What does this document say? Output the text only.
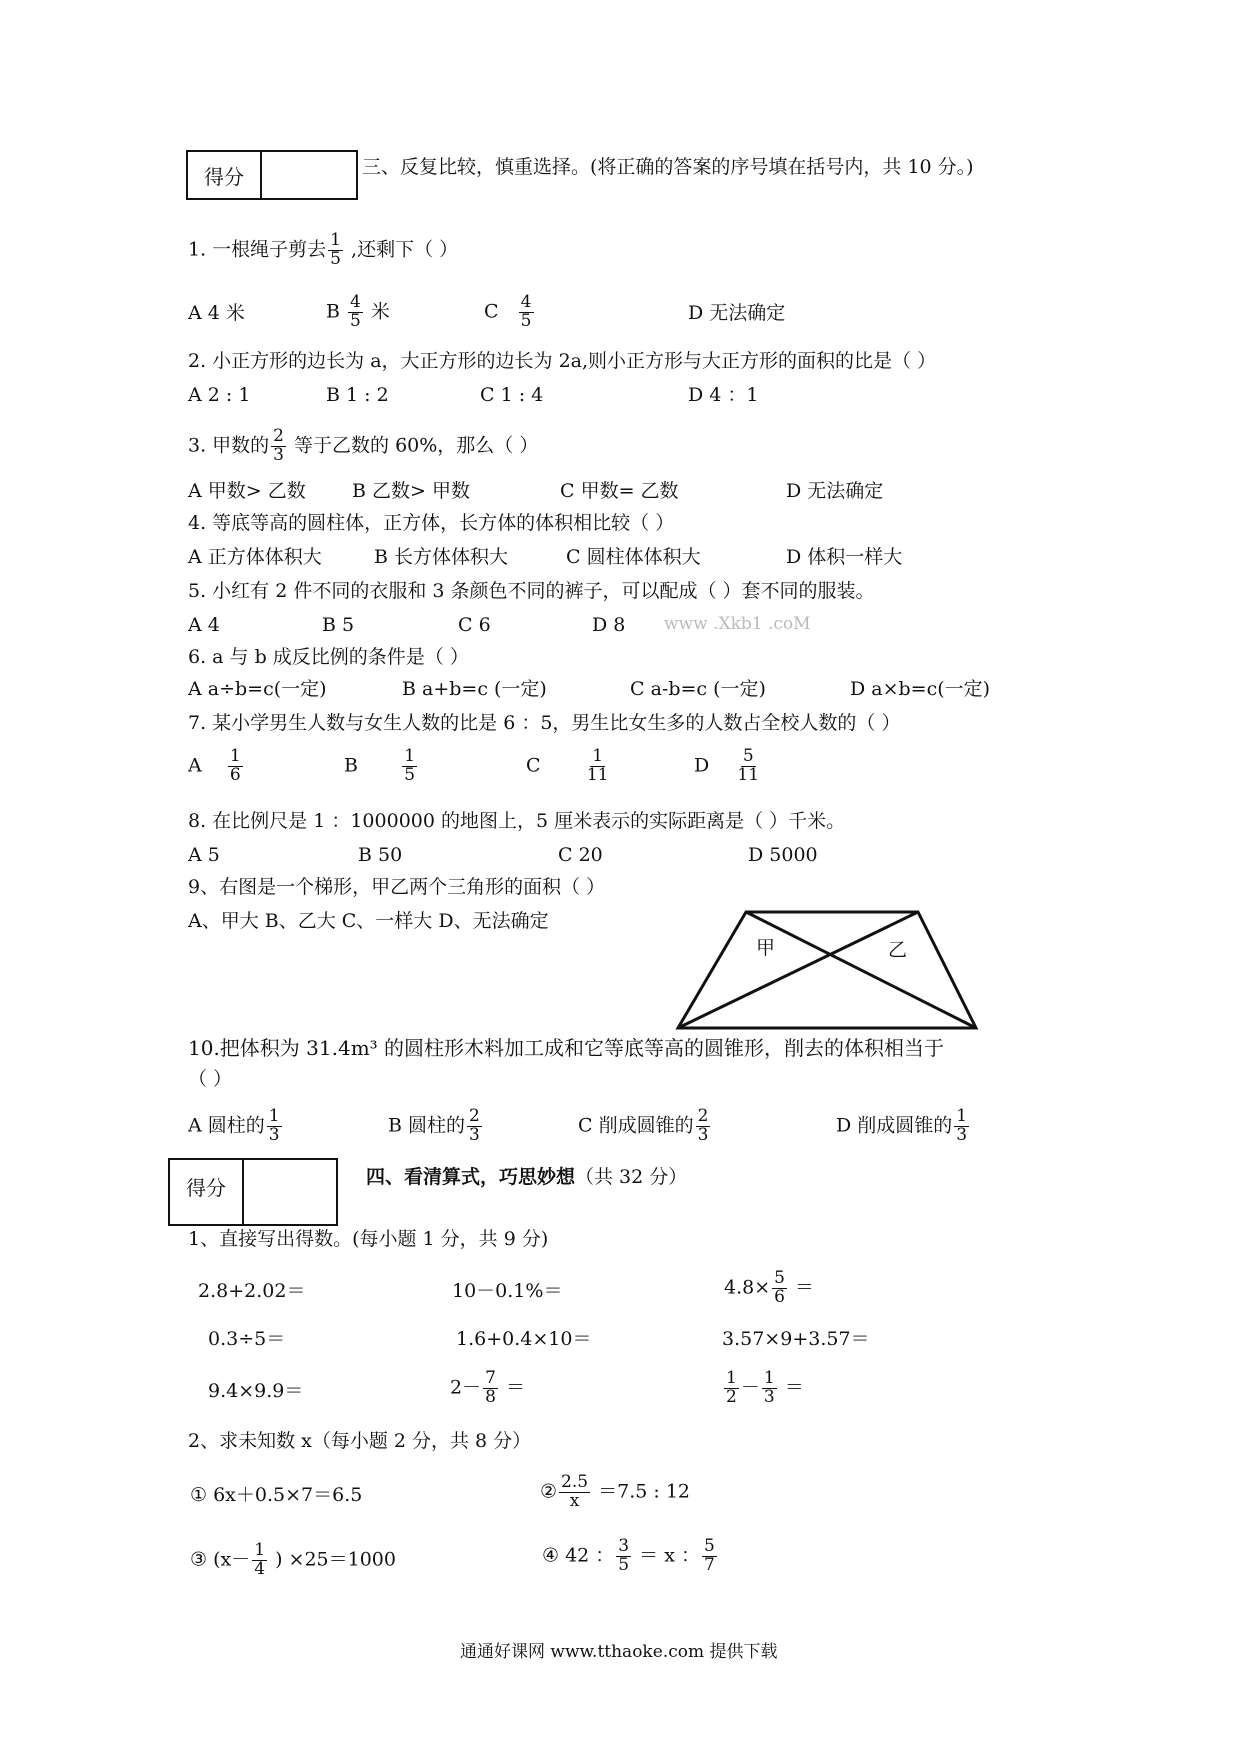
得分	三、反复比较，慎重选择。(将正确的答案的序号填在括号内，共 10 分。)
1. 一根绳子剪去 $\frac{1}{5}$ ,还剩下（ ）
A 4 米	B $\frac{4}{5}$ 米	C $\frac{4}{5}$	D 无法确定
2. 小正方形的边长为 a，大正方形的边长为 2a,则小正方形与大正方形的面积的比是（ ）
A 2 : 1	B 1 : 2	C 1 : 4	D 4 ：1
3. 甲数的 $\frac{2}{3}$ 等于乙数的 60%，那么（ ）
A 甲数> 乙数 B 乙数> 甲数	C 甲数= 乙数	D 无法确定
4. 等底等高的圆柱体，正方体，长方体的体积相比较（ ）
A 正方体体积大	B 长方体体积大	C 圆柱体体积大	D 体积一样大
5. 小红有 2 件不同的衣服和 3 条颜色不同的裤子，可以配成（ ）套不同的服装。
A 4	B 5	C 6	D 8 www .Xkb1 .coM
6. a 与 b 成反比例的条件是（ ）
A a÷b=c(一定)	B a+b=c (一定)	C a-b=c (一定)	D a×b=c(一定)
7. 某小学男生人数与女生人数的比是 6 ：5，男生比女生多的人数占全校人数的（ ）
A $\frac{1}{6}$	B	$\frac{1}{5}$	C	$\frac{1}{11}$	D $\frac{5}{11}$
8. 在比例尺是 1 ：1000000 的地图上，5 厘米表示的实际距离是（ ）千米。
A 5	B 50	C 20	D 5000
9、右图是一个梯形，甲乙两个三角形的面积（ ）
A、甲大 B、乙大 C、一样大 D、无法确定
甲	乙
10.把体积为 31.4m³ 的圆柱形木料加工成和它等底等高的圆锥形，削去的体积相当于
（ ）
A 圆柱的 $\frac{1}{3}$	B 圆柱的 $\frac{2}{3}$	C 削成圆锥的 $\frac{2}{3}$	D 削成圆锥的 $\frac{1}{3}$
得分	四、看清算式，巧思妙想（共 32 分）
1、直接写出得数。(每小题 1 分，共 9 分)
2.8+2.02＝	10－0.1%＝	$4.8\times \frac{5}{6}$ ＝
0.3÷5＝	1.6+0.4×10＝	3.57×9+3.57＝
9.4×9.9＝	$2- \frac{7}{8}$ ＝	$\frac{1}{2} - \frac{1}{3}$ ＝
2、求未知数 x（每小题 2 分，共 8 分）
① 6x＋0.5×7＝6.5	② $\frac{2.5}{x} =7.5$ : 12
③ ($x- \frac{1}{4}$ ) ×25＝1000	④ 42 ： $\frac{3}{5} = x$ ： $\frac{5}{7}$
通通好课网 www.tthaoke.com 提供下载
